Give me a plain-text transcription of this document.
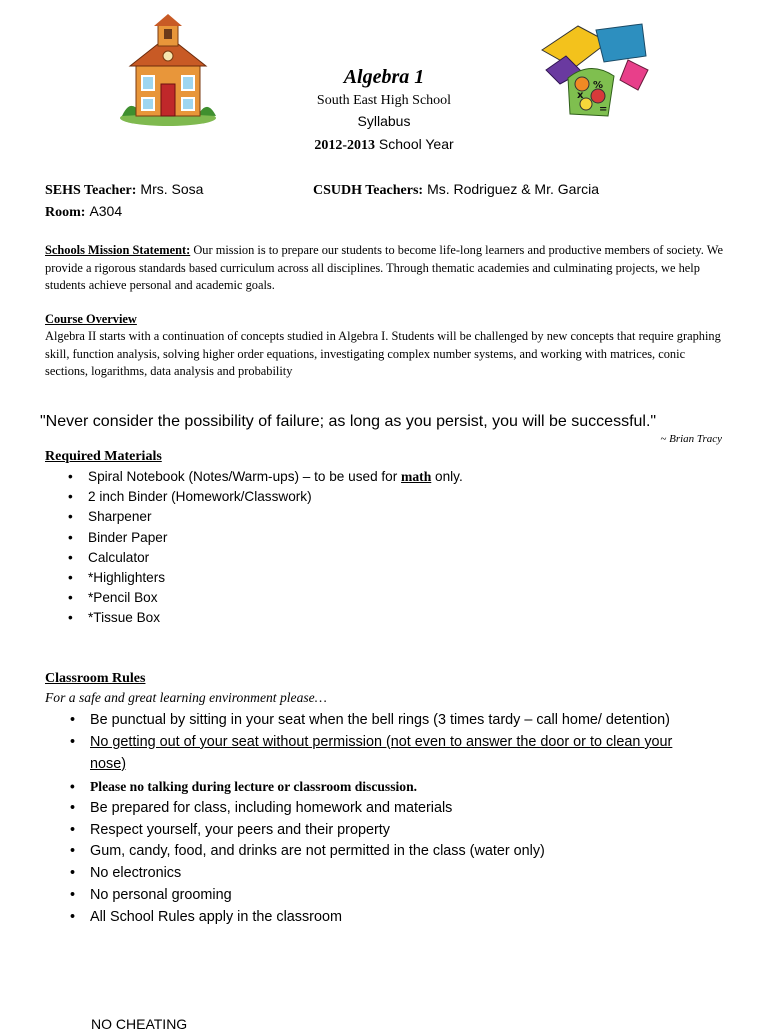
%
x
=
Algebra 1
South East High School
Syllabus
2012-2013 School Year
SEHS Teacher: Mrs. Sosa	CSUDH Teachers: Ms. Rodriguez & Mr. Garcia
Room: A304
Schools Mission Statement: Our mission is to prepare our students to become life-long learners and productive members of society. We provide a rigorous standards based curriculum across all disciplines. Through thematic academies and culminating projects, we help students achieve personal and academic goals.
Course Overview
Algebra II starts with a continuation of concepts studied in Algebra I. Students will be challenged by new concepts that require graphing skill, function analysis, solving higher order equations, investigating complex number systems, and working with matrices, conic sections, logarithms, data analysis and probability
"Never consider the possibility of failure; as long as you persist, you will be successful."
~ Brian Tracy
Required Materials
• Spiral Notebook (Notes/Warm-ups) – to be used for math only.
• 2 inch Binder (Homework/Classwork)
• Sharpener
• Binder Paper
• Calculator
• *Highlighters
• *Pencil Box
• *Tissue Box
Classroom Rules
For a safe and great learning environment please…
• Be punctual by sitting in your seat when the bell rings (3 times tardy – call home/ detention)
• No getting out of your seat without permission (not even to answer the door or to clean your nose)
• Please no talking during lecture or classroom discussion.
• Be prepared for class, including homework and materials
• Respect yourself, your peers and their property
• Gum, candy, food, and drinks are not permitted in the class (water only)
• No electronics
• No personal grooming
• All School Rules apply in the classroom
NO CHEATING
